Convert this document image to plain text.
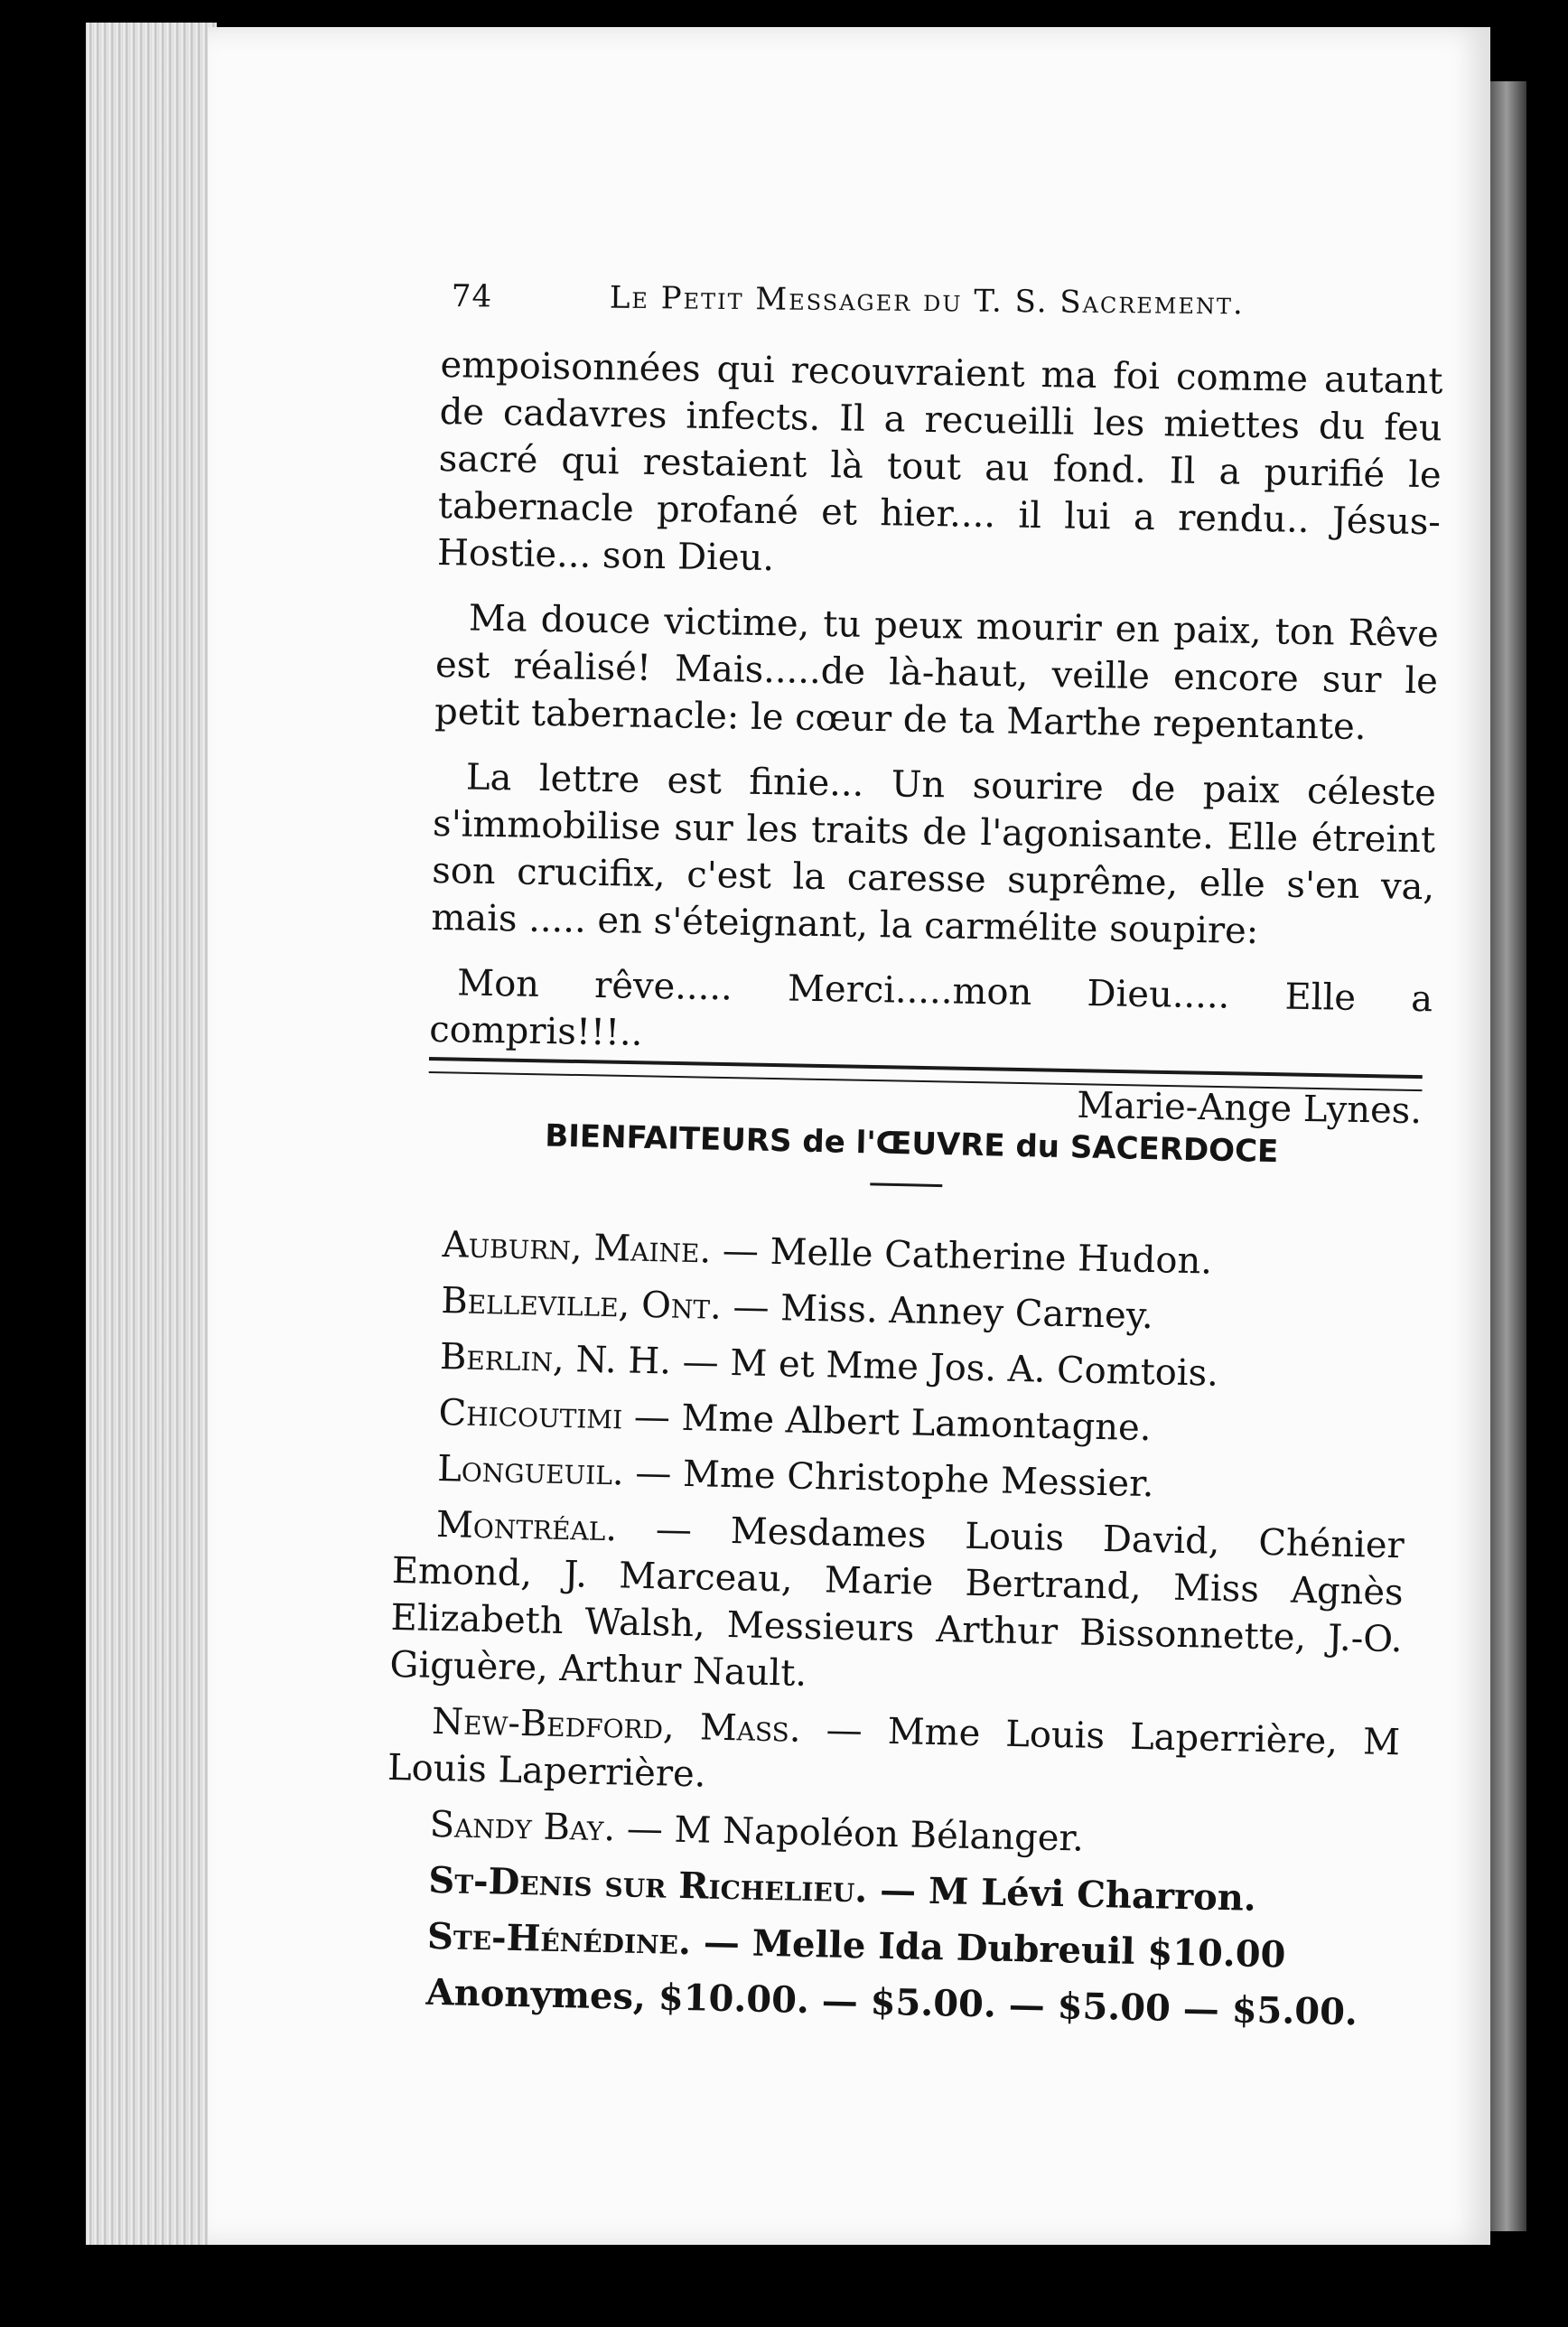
74	Le Petit Messager du T. S. Sacrement.

empoisonnées qui recouvraient ma foi comme autant de cadavres infects. Il a recueilli les miettes du feu sacré qui restaient là tout au fond. Il a purifié le tabernacle profané et hier.... il lui a rendu.. Jésus-Hostie... son Dieu.

Ma douce victime, tu peux mourir en paix, ton Rêve est réalisé! Mais.....de là-haut, veille encore sur le petit tabernacle: le cœur de ta Marthe repentante.

La lettre est finie... Un sourire de paix céleste s'immobilise sur les traits de l'agonisante. Elle étreint son crucifix, c'est la caresse suprême, elle s'en va, mais ..... en s'éteignant, la carmélite soupire:

Mon rêve..... Merci.....mon Dieu..... Elle a compris!!!..

Marie-Ange Lynes.
BIENFAITEURS de l'ŒUVRE du SACERDOCE

Auburn, Maine. — Melle Catherine Hudon.

Belleville, Ont. — Miss. Anney Carney.

Berlin, N. H. — M et Mme Jos. A. Comtois.

Chicoutimi — Mme Albert Lamontagne.

Longueuil. — Mme Christophe Messier.

Montréal. — Mesdames Louis David, Chénier Emond, J. Marceau, Marie Bertrand, Miss Agnès Elizabeth Walsh, Messieurs Arthur Bissonnette, J.-O. Giguère, Arthur Nault.

New-Bedford, Mass. — Mme Louis Laperrière, M Louis Laperrière.

Sandy Bay. — M Napoléon Bélanger.

St-Denis sur Richelieu. — M Lévi Charron.

Ste-Hénédine. — Melle Ida Dubreuil $10.00

Anonymes, $10.00. — $5.00. — $5.00 — $5.00.
